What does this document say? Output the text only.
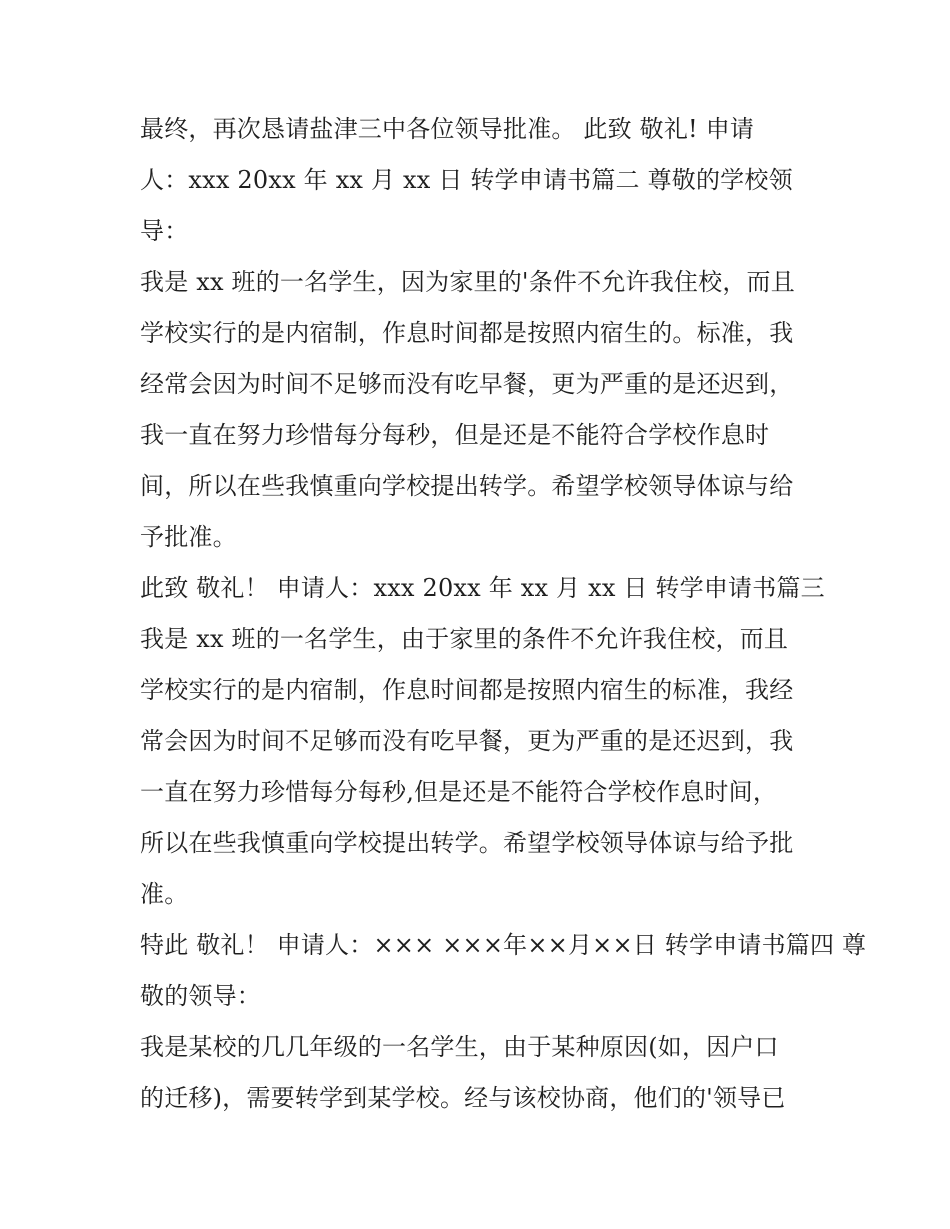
最终，再次恳请盐津三中各位领导批准。 此致 敬礼! 申请
人：xxx 20xx 年 xx 月 xx 日 转学申请书篇二 尊敬的学校领
导：
我是 xx 班的一名学生，因为家里的'条件不允许我住校，而且
学校实行的是内宿制，作息时间都是按照内宿生的。标准，我
经常会因为时间不足够而没有吃早餐，更为严重的是还迟到，
我一直在努力珍惜每分每秒，但是还是不能符合学校作息时
间，所以在些我慎重向学校提出转学。希望学校领导体谅与给
予批准。
此致 敬礼！ 申请人：xxx 20xx 年 xx 月 xx 日 转学申请书篇三
我是 xx 班的一名学生，由于家里的条件不允许我住校，而且
学校实行的是内宿制，作息时间都是按照内宿生的标准，我经
常会因为时间不足够而没有吃早餐，更为严重的是还迟到，我
一直在努力珍惜每分每秒,但是还是不能符合学校作息时间，
所以在些我慎重向学校提出转学。希望学校领导体谅与给予批
准。
特此 敬礼！ 申请人：××× ×××年××月××日 转学申请书篇四 尊
敬的领导：
我是某校的几几年级的一名学生，由于某种原因(如，因户口
的迁移)，需要转学到某学校。经与该校协商，他们的'领导已
